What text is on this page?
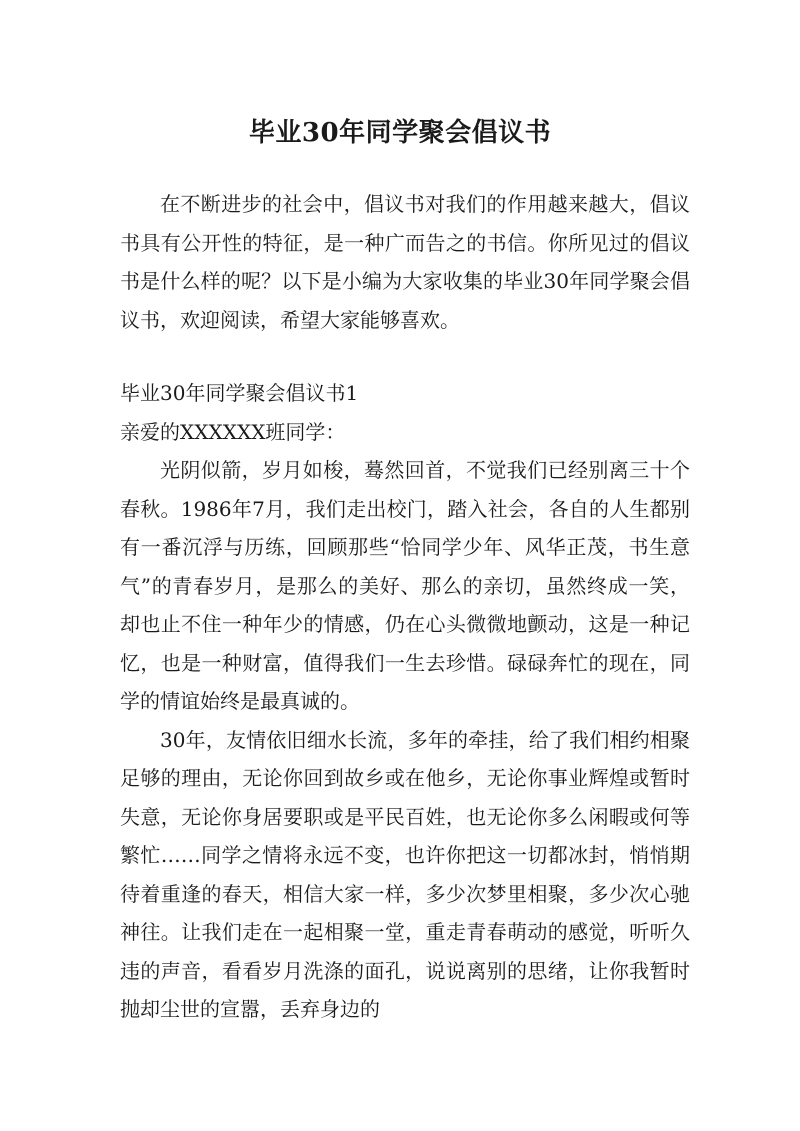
毕业30年同学聚会倡议书

在不断进步的社会中，倡议书对我们的作用越来越大，倡议书具有公开性的特征，是一种广而告之的书信。你所见过的倡议书是什么样的呢？以下是小编为大家收集的毕业30年同学聚会倡议书，欢迎阅读，希望大家能够喜欢。

毕业30年同学聚会倡议书1

亲爱的XXXXXX班同学：

光阴似箭，岁月如梭，蓦然回首，不觉我们已经别离三十个春秋。1986年7月，我们走出校门，踏入社会，各自的人生都别有一番沉浮与历练，回顾那些“恰同学少年、风华正茂，书生意气”的青春岁月，是那么的美好、那么的亲切，虽然终成一笑，却也止不住一种年少的情感，仍在心头微微地颤动，这是一种记忆，也是一种财富，值得我们一生去珍惜。碌碌奔忙的现在，同学的情谊始终是最真诚的。

30年，友情依旧细水长流，多年的牵挂，给了我们相约相聚足够的理由，无论你回到故乡或在他乡，无论你事业辉煌或暂时失意，无论你身居要职或是平民百姓，也无论你多么闲暇或何等繁忙……同学之情将永远不变，也许你把这一切都冰封，悄悄期待着重逢的春天，相信大家一样，多少次梦里相聚，多少次心驰神往。让我们走在一起相聚一堂，重走青春萌动的感觉，听听久违的声音，看看岁月洗涤的面孔，说说离别的思绪，让你我暂时抛却尘世的宣嚣，丢弃身边的
